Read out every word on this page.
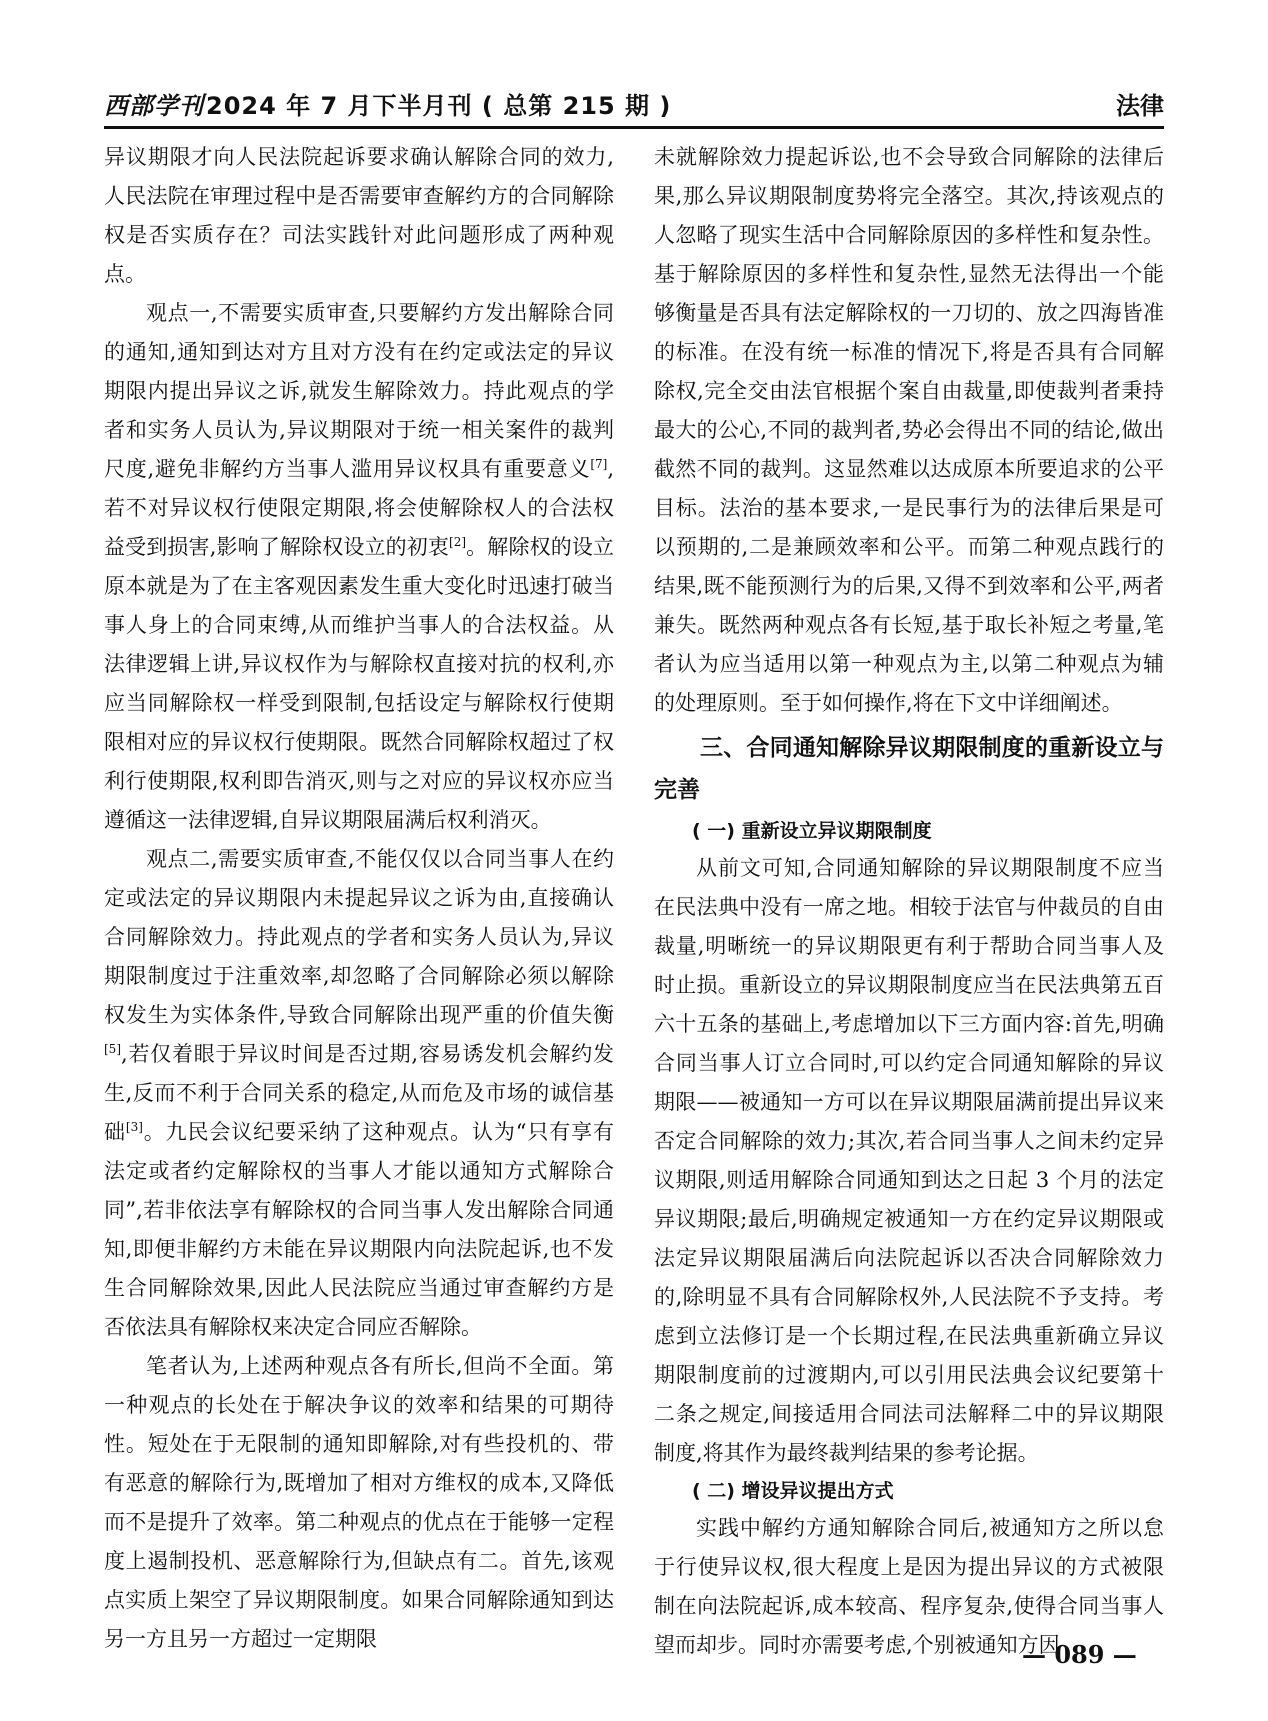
西部学刊2024 年 7 月下半月刊 ( 总第 215 期 )	法律

异议期限才向人民法院起诉要求确认解除合同的效力,人民法院在审理过程中是否需要审查解约方的合同解除权是否实质存在？司法实践针对此问题形成了两种观点。

观点一,不需要实质审查,只要解约方发出解除合同的通知,通知到达对方且对方没有在约定或法定的异议期限内提出异议之诉,就发生解除效力。持此观点的学者和实务人员认为,异议期限对于统一相关案件的裁判尺度,避免非解约方当事人滥用异议权具有重要意义[7],若不对异议权行使限定期限,将会使解除权人的合法权益受到损害,影响了解除权设立的初衷[2]。解除权的设立原本就是为了在主客观因素发生重大变化时迅速打破当事人身上的合同束缚,从而维护当事人的合法权益。从法律逻辑上讲,异议权作为与解除权直接对抗的权利,亦应当同解除权一样受到限制,包括设定与解除权行使期限相对应的异议权行使期限。既然合同解除权超过了权利行使期限,权利即告消灭,则与之对应的异议权亦应当遵循这一法律逻辑,自异议期限届满后权利消灭。

观点二,需要实质审查,不能仅仅以合同当事人在约定或法定的异议期限内未提起异议之诉为由,直接确认合同解除效力。持此观点的学者和实务人员认为,异议期限制度过于注重效率,却忽略了合同解除必须以解除权发生为实体条件,导致合同解除出现严重的价值失衡[5],若仅着眼于异议时间是否过期,容易诱发机会解约发生,反而不利于合同关系的稳定,从而危及市场的诚信基础[3]。九民会议纪要采纳了这种观点。认为“只有享有法定或者约定解除权的当事人才能以通知方式解除合同”,若非依法享有解除权的合同当事人发出解除合同通知,即便非解约方未能在异议期限内向法院起诉,也不发生合同解除效果,因此人民法院应当通过审查解约方是否依法具有解除权来决定合同应否解除。

笔者认为,上述两种观点各有所长,但尚不全面。第一种观点的长处在于解决争议的效率和结果的可期待性。短处在于无限制的通知即解除,对有些投机的、带有恶意的解除行为,既增加了相对方维权的成本,又降低而不是提升了效率。第二种观点的优点在于能够一定程度上遏制投机、恶意解除行为,但缺点有二。首先,该观点实质上架空了异议期限制度。如果合同解除通知到达另一方且另一方超过一定期限

未就解除效力提起诉讼,也不会导致合同解除的法律后果,那么异议期限制度势将完全落空。其次,持该观点的人忽略了现实生活中合同解除原因的多样性和复杂性。基于解除原因的多样性和复杂性,显然无法得出一个能够衡量是否具有法定解除权的一刀切的、放之四海皆准的标准。在没有统一标准的情况下,将是否具有合同解除权,完全交由法官根据个案自由裁量,即使裁判者秉持最大的公心,不同的裁判者,势必会得出不同的结论,做出截然不同的裁判。这显然难以达成原本所要追求的公平目标。法治的基本要求,一是民事行为的法律后果是可以预期的,二是兼顾效率和公平。而第二种观点践行的结果,既不能预测行为的后果,又得不到效率和公平,两者兼失。既然两种观点各有长短,基于取长补短之考量,笔者认为应当适用以第一种观点为主,以第二种观点为辅的处理原则。至于如何操作,将在下文中详细阐述。

三、合同通知解除异议期限制度的重新设立与完善
( 一) 重新设立异议期限制度

从前文可知,合同通知解除的异议期限制度不应当在民法典中没有一席之地。相较于法官与仲裁员的自由裁量,明晰统一的异议期限更有利于帮助合同当事人及时止损。重新设立的异议期限制度应当在民法典第五百六十五条的基础上,考虑增加以下三方面内容:首先,明确合同当事人订立合同时,可以约定合同通知解除的异议期限——被通知一方可以在异议期限届满前提出异议来否定合同解除的效力;其次,若合同当事人之间未约定异议期限,则适用解除合同通知到达之日起 3 个月的法定异议期限;最后,明确规定被通知一方在约定异议期限或法定异议期限届满后向法院起诉以否决合同解除效力的,除明显不具有合同解除权外,人民法院不予支持。考虑到立法修订是一个长期过程,在民法典重新确立异议期限制度前的过渡期内,可以引用民法典会议纪要第十二条之规定,间接适用合同法司法解释二中的异议期限制度,将其作为最终裁判结果的参考论据。

( 二) 增设异议提出方式

实践中解约方通知解除合同后,被通知方之所以怠于行使异议权,很大程度上是因为提出异议的方式被限制在向法院起诉,成本较高、程序复杂,使得合同当事人望而却步。同时亦需要考虑,个别被通知方因

— 089 —
